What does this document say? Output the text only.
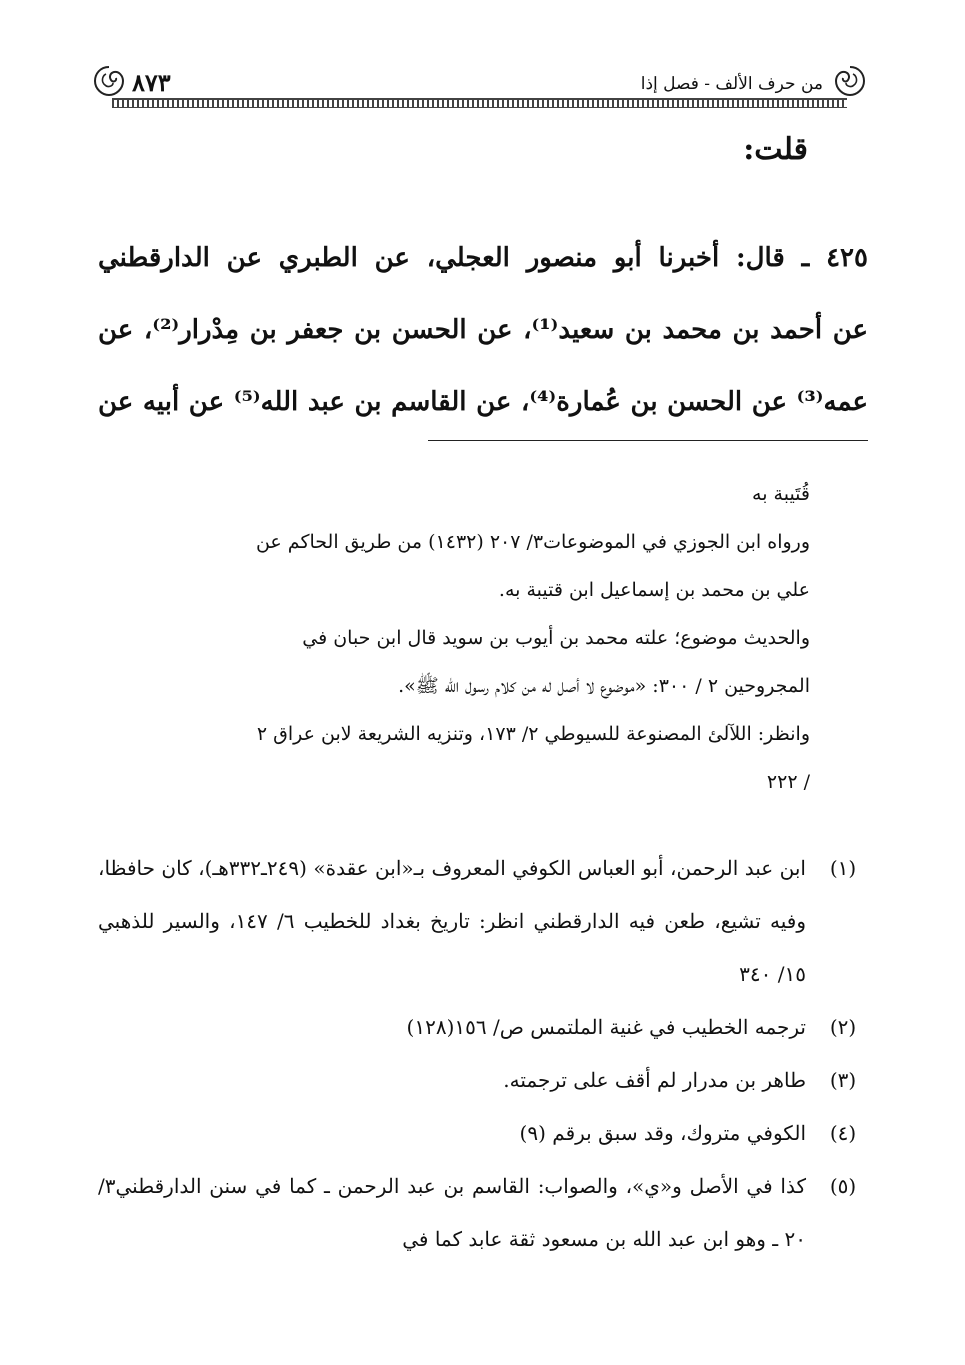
من حرف الألف - فصل إذا
٨٧٣
قلت:

٤٢٥ ـ قال: أخبرنا أبو منصور العجلي، عن الطبري عن الدارقطني

عن أحمد بن محمد بن سعيد⁽¹⁾، عن الحسن بن جعفر بن مِدْرار⁽²⁾، عن

عمه⁽³⁾ عن الحسن بن عُمارة⁽⁴⁾، عن القاسم بن عبد الله⁽⁵⁾ عن أبيه عن

قُتَيبة به

ورواه ابن الجوزي في الموضوعات٣/ ٢٠٧ (١٤٣٢) من طريق الحاكم عن

علي بن محمد بن إسماعيل ابن قتيبة به.

والحديث موضوع؛ علته محمد بن أيوب بن سويد قال ابن حبان في

المجروحين ٢ / ٣٠٠: «موضوع لا أصل له من كلام رسول الله ﷺ».

وانظر: اللآلئ المصنوعة للسيوطي ٢/ ١٧٣، وتنزيه الشريعة لابن عراق ٢

/ ٢٢٢

(١)
ابن عبد الرحمن، أبو العباس الكوفي المعروف بـ«ابن عقدة» (٢٤٩ـ٣٣٢هـ)، كان حافظا، وفيه تشيع، طعن فيه الدارقطني انظر: تاريخ بغداد للخطيب ٦/ ١٤٧، والسير للذهبي ١٥/ ٣٤٠
(٢)
ترجمه الخطيب في غنية الملتمس ص/ ١٥٦(١٢٨)
(٣)
طاهر بن مدرار لم أقف على ترجمته.
(٤)
الكوفي متروك، وقد سبق برقم (٩)
(٥)
كذا في الأصل و«ي»، والصواب: القاسم بن عبد الرحمن ـ كما في سنن الدارقطني٣/ ٢٠ ـ وهو ابن عبد الله بن مسعود ثقة عابد كما في
